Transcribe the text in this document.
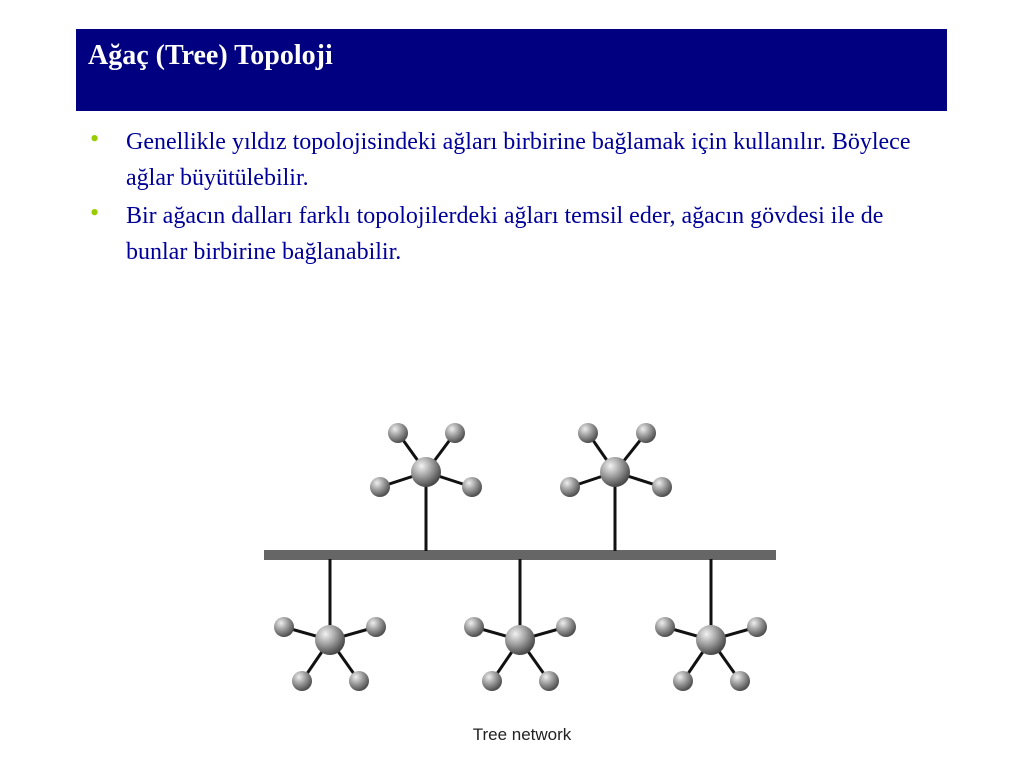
Ağaç (Tree) Topoloji
• Genellikle yıldız topolojisindeki ağları birbirine bağlamak için kullanılır. Böylece ağlar büyütülebilir.
• Bir ağacın dalları farklı topolojilerdeki ağları temsil eder, ağacın gövdesi ile de bunlar birbirine bağlanabilir.
Tree network
